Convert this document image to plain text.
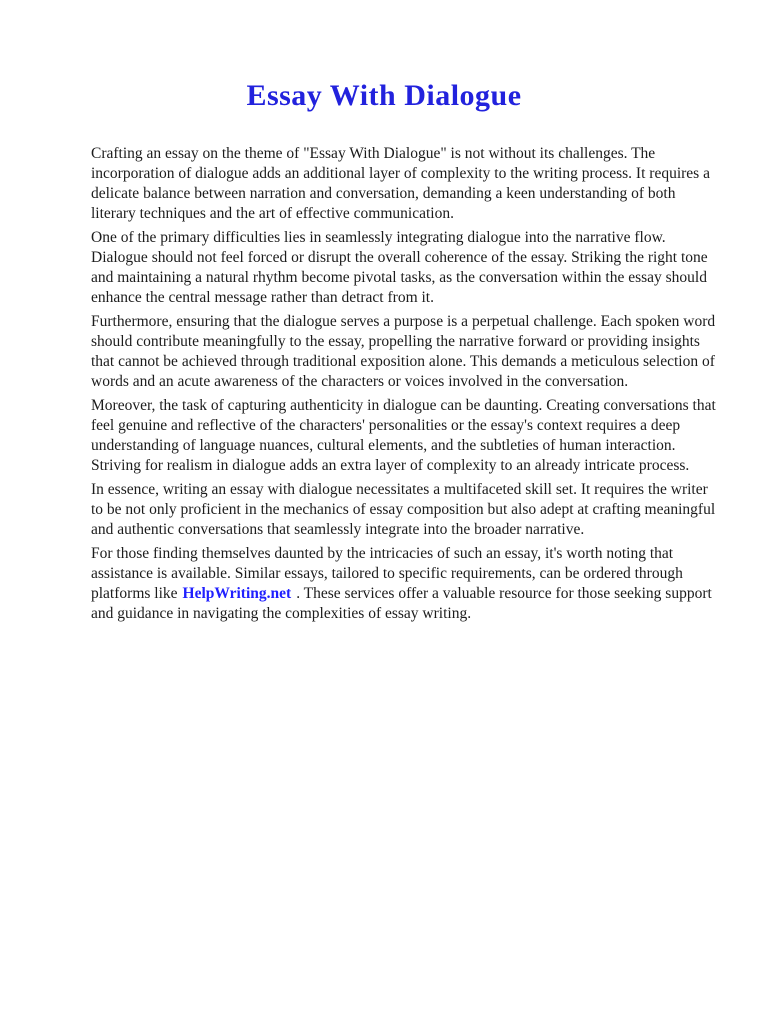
Essay With Dialogue

Crafting an essay on the theme of "Essay With Dialogue" is not without its challenges. The incorporation of dialogue adds an additional layer of complexity to the writing process. It requires a delicate balance between narration and conversation, demanding a keen understanding of both literary techniques and the art of effective communication.

One of the primary difficulties lies in seamlessly integrating dialogue into the narrative flow. Dialogue should not feel forced or disrupt the overall coherence of the essay. Striking the right tone and maintaining a natural rhythm become pivotal tasks, as the conversation within the essay should enhance the central message rather than detract from it.

Furthermore, ensuring that the dialogue serves a purpose is a perpetual challenge. Each spoken word should contribute meaningfully to the essay, propelling the narrative forward or providing insights that cannot be achieved through traditional exposition alone. This demands a meticulous selection of words and an acute awareness of the characters or voices involved in the conversation.

Moreover, the task of capturing authenticity in dialogue can be daunting. Creating conversations that feel genuine and reflective of the characters' personalities or the essay's context requires a deep understanding of language nuances, cultural elements, and the subtleties of human interaction. Striving for realism in dialogue adds an extra layer of complexity to an already intricate process.

In essence, writing an essay with dialogue necessitates a multifaceted skill set. It requires the writer to be not only proficient in the mechanics of essay composition but also adept at crafting meaningful and authentic conversations that seamlessly integrate into the broader narrative.

For those finding themselves daunted by the intricacies of such an essay, it's worth noting that assistance is available. Similar essays, tailored to specific requirements, can be ordered through platforms like HelpWriting.net . These services offer a valuable resource for those seeking support and guidance in navigating the complexities of essay writing.
